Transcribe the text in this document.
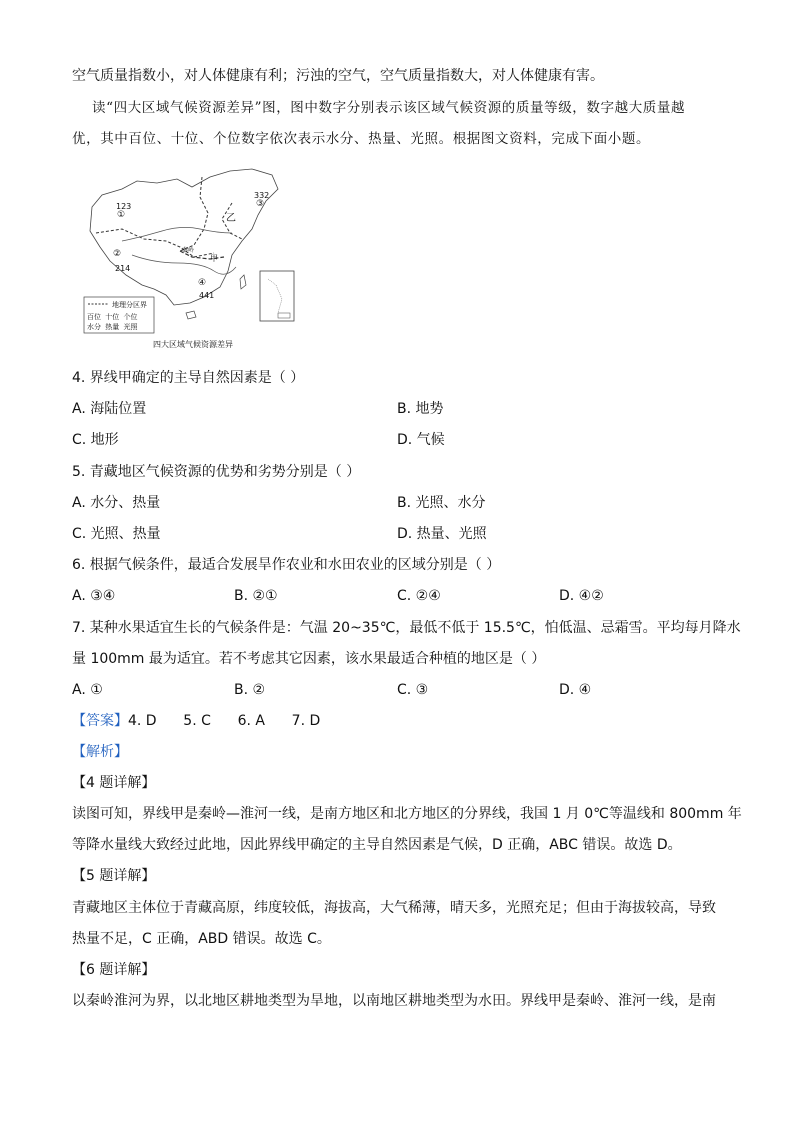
空气质量指数小，对人体健康有利；污浊的空气，空气质量指数大，对人体健康有害。
读“四大区域气候资源差异”图，图中数字分别表示该区域气候资源的质量等级，数字越大质量越
优，其中百位、十位、个位数字依次表示水分、热量、光照。根据图文资料，完成下面小题。
123
①
②
214
332
③
④
441
乙
甲
秦岭
地理分区界
百位 十位 个位
水分 热量 光照
四大区域气候资源差异
4. 界线甲确定的主导自然因素是（ ）
A. 海陆位置	B. 地势
C. 地形	D. 气候
5. 青藏地区气候资源的优势和劣势分别是（ ）
A. 水分、热量	B. 光照、水分
C. 光照、热量	D. 热量、光照
6. 根据气候条件，最适合发展旱作农业和水田农业的区域分别是（ ）
A. ③④	B. ②①	C. ②④	D. ④②
7. 某种水果适宜生长的气候条件是：气温 20~35℃，最低不低于 15.5℃，怕低温、忌霜雪。平均每月降水
量 100mm 最为适宜。若不考虑其它因素，该水果最适合种植的地区是（ ）
A. ①	B. ②	C. ③	D. ④
【答案】4. D      5. C      6. A      7. D
【解析】
【4 题详解】
读图可知，界线甲是秦岭—淮河一线，是南方地区和北方地区的分界线，我国 1 月 0℃等温线和 800mm 年
等降水量线大致经过此地，因此界线甲确定的主导自然因素是气候，D 正确，ABC 错误。故选 D。
【5 题详解】
青藏地区主体位于青藏高原，纬度较低，海拔高，大气稀薄，晴天多，光照充足；但由于海拔较高，导致
热量不足，C 正确，ABD 错误。故选 C。
【6 题详解】
以秦岭淮河为界，以北地区耕地类型为旱地，以南地区耕地类型为水田。界线甲是秦岭、淮河一线，是南
